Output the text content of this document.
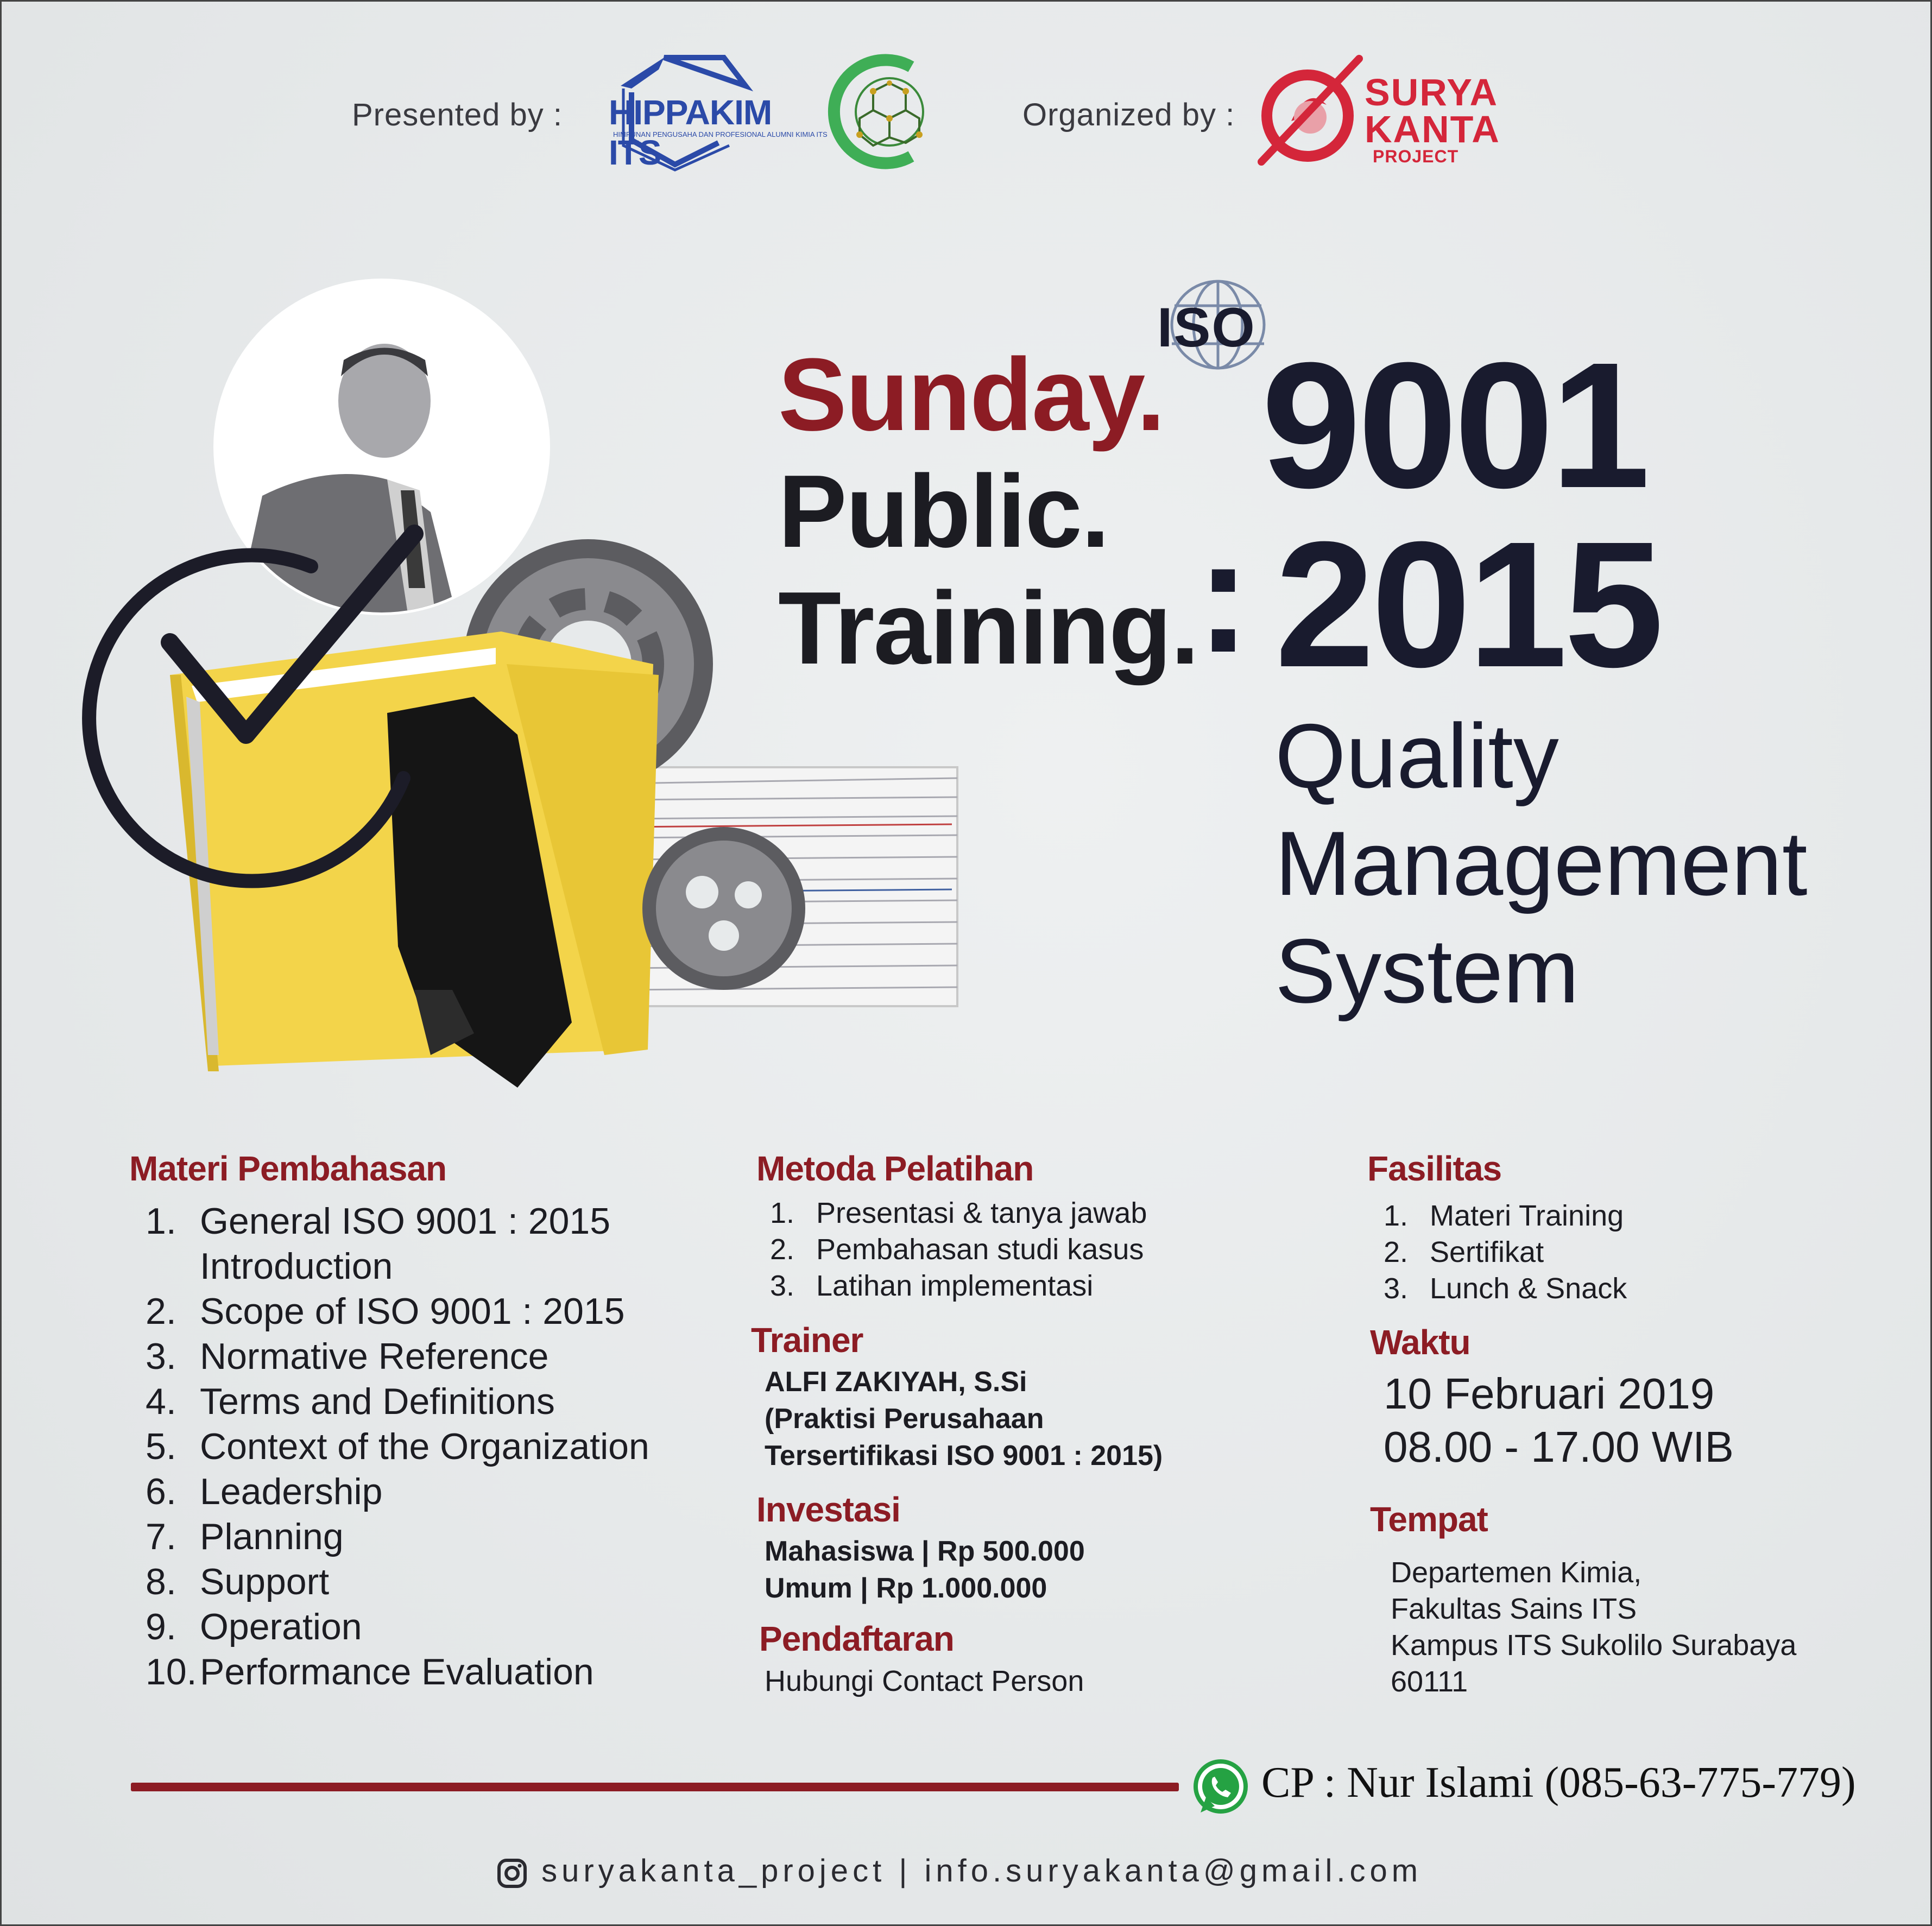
Presented by : HIPPAKIM ITS
HIMPUNAN PENGUSAHA DAN PROFESIONAL ALUMNI KIMIA ITS
Organized by :
SURYA
KANTA
PROJECT
Sunday.
Public.
Training.
ISO 9001
: 2015
Quality
Management
System
Materi Pembahasan
1. General ISO 9001 : 2015
Introduction
2. Scope of ISO 9001 : 2015
3. Normative Reference
4. Terms and Definitions
5. Context of the Organization
6. Leadership
7. Planning
8. Support
9. Operation
10. Performance Evaluation
Metoda Pelatihan
1. Presentasi & tanya jawab
2. Pembahasan studi kasus
3. Latihan implementasi
Trainer
ALFI ZAKIYAH, S.Si
(Praktisi Perusahaan
Tersertifikasi ISO 9001 : 2015)
Investasi
Mahasiswa | Rp 500.000
Umum | Rp 1.000.000
Pendaftaran
Hubungi Contact Person
Fasilitas
1. Materi Training
2. Sertifikat
3. Lunch & Snack
Waktu
10 Februari 2019
08.00 - 17.00 WIB
Tempat
Departemen Kimia,
Fakultas Sains ITS
Kampus ITS Sukolilo Surabaya
60111
CP : Nur Islami (085-63-775-779)
suryakanta_project | info.suryakanta@gmail.com
